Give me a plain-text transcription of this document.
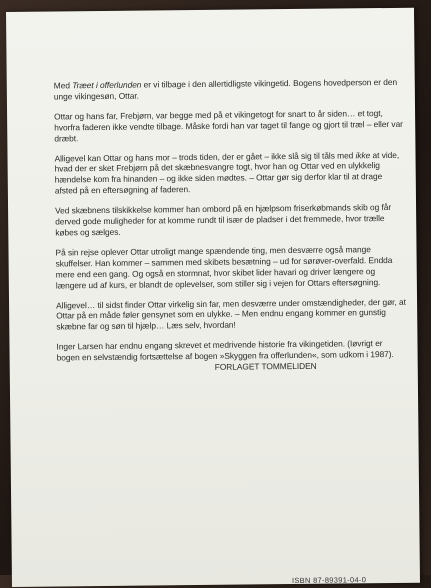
Med Træet i offerlunden er vi tilbage i den allertidligste vikingetid. Bogens hovedperson er den unge vikingesøn, Ottar.

Ottar og hans far, Frebjørn, var begge med på et vikingetogt for snart to år siden… et togt, hvorfra faderen ikke vendte tilbage. Måske fordi han var taget til fange og gjort til træl – eller var dræbt.

Alligevel kan Ottar og hans mor – trods tiden, der er gået – ikke slå sig til tåls med ikke at vide, hvad der er sket Frebjørn på det skæbnesvangre togt, hvor han og Ottar ved en ulykkelig hændelse kom fra hinanden – og ikke siden mødtes. – Ottar gør sig derfor klar til at drage afsted på en eftersøgning af faderen.

Ved skæbnens tilskikkelse kommer han ombord på en hjælpsom friserkøbmands skib og får derved gode muligheder for at komme rundt til især de pladser i det fremmede, hvor trælle købes og sælges.

På sin rejse oplever Ottar utroligt mange spændende ting, men desværre også mange skuffelser. Han kommer – sammen med skibets besætning – ud for sørøver-overfald. Endda mere end een gang. Og også en stormnat, hvor skibet lider havari og driver længere og længere ud af kurs, er blandt de oplevelser, som stiller sig i vejen for Ottars eftersøgning.

Alligevel… til sidst finder Ottar virkelig sin far, men desværre under omstændigheder, der gør, at Ottar på en måde føler gensynet som en ulykke. – Men endnu engang kommer en gunstig skæbne far og søn til hjælp… Læs selv, hvordan!

Inger Larsen har endnu engang skrevet et medrivende historie fra vikingetiden. (Iøvrigt er bogen en selvstændig fortsættelse af bogen »Skyggen fra offerlunden«, som udkom i 1987).

FORLAGET TOMMELIDEN

ISBN 87-89391-04-0
